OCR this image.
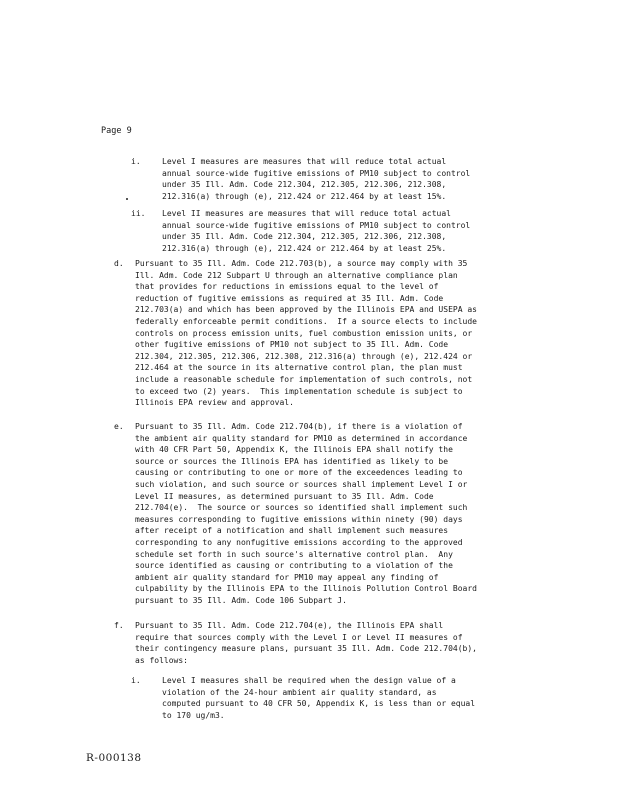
Page 9
i.	Level I measures are measures that will reduce total actual
annual source-wide fugitive emissions of PM10 subject to control
under 35 Ill. Adm. Code 212.304, 212.305, 212.306, 212.308,
212.316(a) through (e), 212.424 or 212.464 by at least 15%.
ii. Level II measures are measures that will reduce total actual
annual source-wide fugitive emissions of PM10 subject to control
under 35 Ill. Adm. Code 212.304, 212.305, 212.306, 212.308,
212.316(a) through (e), 212.424 or 212.464 by at least 25%.
d. Pursuant to 35 Ill. Adm. Code 212.703(b), a source may comply with 35
Ill. Adm. Code 212 Subpart U through an alternative compliance plan
that provides for reductions in emissions equal to the level of
reduction of fugitive emissions as required at 35 Ill. Adm. Code
212.703(a) and which has been approved by the Illinois EPA and USEPA as
federally enforceable permit conditions.  If a source elects to include
controls on process emission units, fuel combustion emission units, or
other fugitive emissions of PM10 not subject to 35 Ill. Adm. Code
212.304, 212.305, 212.306, 212.308, 212.316(a) through (e), 212.424 or
212.464 at the source in its alternative control plan, the plan must
include a reasonable schedule for implementation of such controls, not
to exceed two (2) years.  This implementation schedule is subject to
Illinois EPA review and approval.
e. Pursuant to 35 Ill. Adm. Code 212.704(b), if there is a violation of
the ambient air quality standard for PM10 as determined in accordance
with 40 CFR Part 50, Appendix K, the Illinois EPA shall notify the
source or sources the Illinois EPA has identified as likely to be
causing or contributing to one or more of the exceedences leading to
such violation, and such source or sources shall implement Level I or
Level II measures, as determined pursuant to 35 Ill. Adm. Code
212.704(e).  The source or sources so identified shall implement such
measures corresponding to fugitive emissions within ninety (90) days
after receipt of a notification and shall implement such measures
corresponding to any nonfugitive emissions according to the approved
schedule set forth in such source's alternative control plan.  Any
source identified as causing or contributing to a violation of the
ambient air quality standard for PM10 may appeal any finding of
culpability by the Illinois EPA to the Illinois Pollution Control Board
pursuant to 35 Ill. Adm. Code 106 Subpart J.
f. Pursuant to 35 Ill. Adm. Code 212.704(e), the Illinois EPA shall
require that sources comply with the Level I or Level II measures of
their contingency measure plans, pursuant 35 Ill. Adm. Code 212.704(b),
as follows:
i.	Level I measures shall be required when the design value of a
violation of the 24-hour ambient air quality standard, as
computed pursuant to 40 CFR 50, Appendix K, is less than or equal
to 170 ug/m3.
R-000138
